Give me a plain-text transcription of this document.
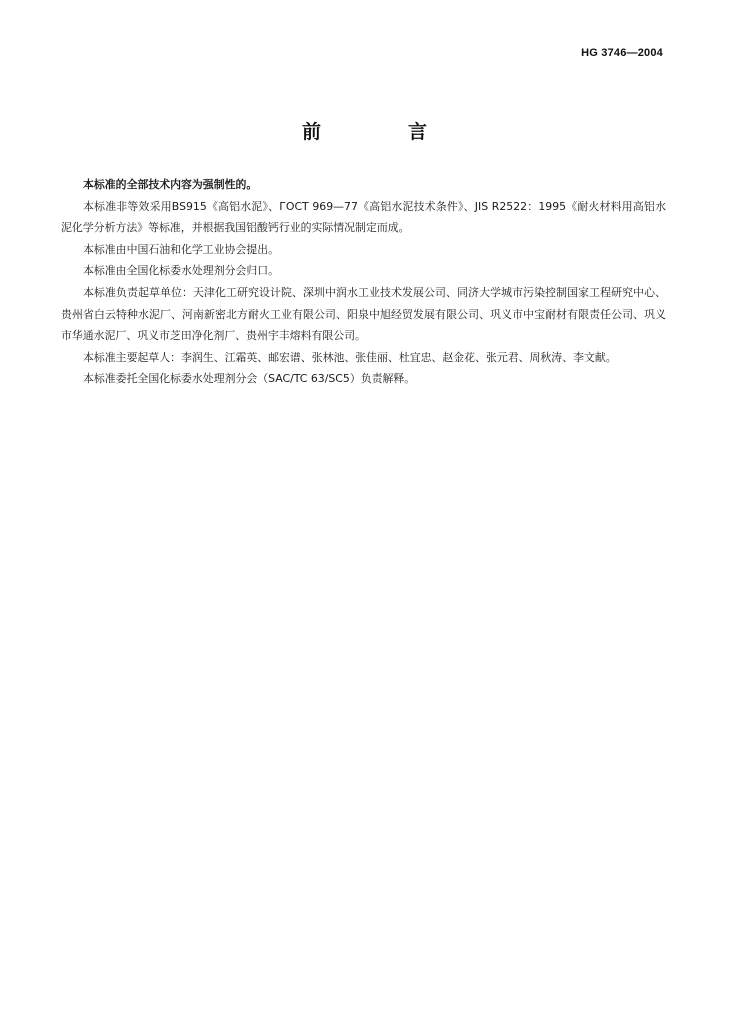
HG 3746—2004
前　言

本标准的全部技术内容为强制性的。

本标准非等效采用BS915《高铝水泥》、ГОСТ 969—77《高铝水泥技术条件》、JIS R2522：1995《耐火材料用高铝水泥化学分析方法》等标准，并根据我国铝酸钙行业的实际情况制定而成。

本标准由中国石油和化学工业协会提出。

本标准由全国化标委水处理剂分会归口。

本标准负责起草单位：天津化工研究设计院、深圳中润水工业技术发展公司、同济大学城市污染控制国家工程研究中心、贵州省白云特种水泥厂、河南新密北方耐火工业有限公司、阳泉中旭经贸发展有限公司、巩义市中宝耐材有限责任公司、巩义市华通水泥厂、巩义市芝田净化剂厂、贵州宇丰熔料有限公司。

本标准主要起草人：李润生、江霜英、邮宏谱、张林池、张佳丽、杜宜忠、赵金花、张元君、周秋涛、李文献。

本标准委托全国化标委水处理剂分会（SAC/TC 63/SC5）负责解释。
